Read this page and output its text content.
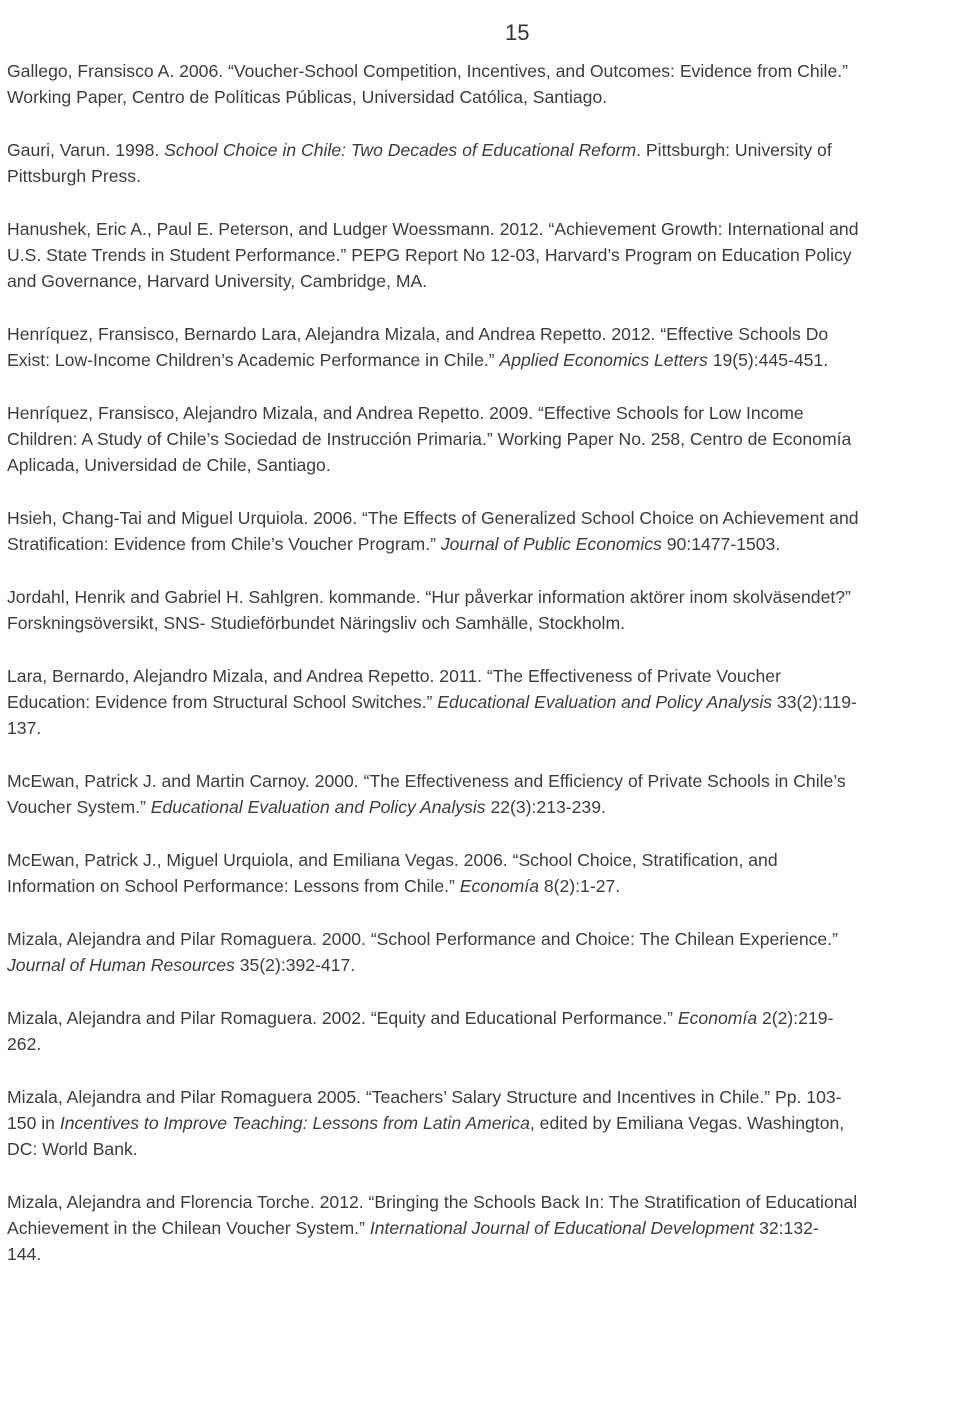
15

Gallego, Fransisco A. 2006. “Voucher-School Competition, Incentives, and Outcomes: Evidence from Chile.”
Working Paper, Centro de Políticas Públicas, Universidad Católica, Santiago.

Gauri, Varun. 1998. School Choice in Chile: Two Decades of Educational Reform. Pittsburgh: University of
Pittsburgh Press.

Hanushek, Eric A., Paul E. Peterson, and Ludger Woessmann. 2012. “Achievement Growth: International and
U.S. State Trends in Student Performance.” PEPG Report No 12-03, Harvard’s Program on Education Policy
and Governance, Harvard University, Cambridge, MA.

Henríquez, Fransisco, Bernardo Lara, Alejandra Mizala, and Andrea Repetto. 2012. “Effective Schools Do
Exist: Low-Income Children’s Academic Performance in Chile.” Applied Economics Letters 19(5):445-451.

Henríquez, Fransisco, Alejandro Mizala, and Andrea Repetto. 2009. “Effective Schools for Low Income
Children: A Study of Chile’s Sociedad de Instrucción Primaria.” Working Paper No. 258, Centro de Economía
Aplicada, Universidad de Chile, Santiago.

Hsieh, Chang-Tai and Miguel Urquiola. 2006. “The Effects of Generalized School Choice on Achievement and
Stratification: Evidence from Chile’s Voucher Program.” Journal of Public Economics 90:1477-1503.

Jordahl, Henrik and Gabriel H. Sahlgren. kommande. “Hur påverkar information aktörer inom skolväsendet?”
Forskningsöversikt, SNS- Studieförbundet Näringsliv och Samhälle, Stockholm.

Lara, Bernardo, Alejandro Mizala, and Andrea Repetto. 2011. “The Effectiveness of Private Voucher
Education: Evidence from Structural School Switches.” Educational Evaluation and Policy Analysis 33(2):119-
137.

McEwan, Patrick J. and Martin Carnoy. 2000. “The Effectiveness and Efficiency of Private Schools in Chile’s
Voucher System.” Educational Evaluation and Policy Analysis 22(3):213-239.

McEwan, Patrick J., Miguel Urquiola, and Emiliana Vegas. 2006. “School Choice, Stratification, and
Information on School Performance: Lessons from Chile.” Economía 8(2):1-27.

Mizala, Alejandra and Pilar Romaguera. 2000. “School Performance and Choice: The Chilean Experience.”
Journal of Human Resources 35(2):392-417.

Mizala, Alejandra and Pilar Romaguera. 2002. “Equity and Educational Performance.” Economía 2(2):219-
262.

Mizala, Alejandra and Pilar Romaguera 2005. “Teachers’ Salary Structure and Incentives in Chile.” Pp. 103-
150 in Incentives to Improve Teaching: Lessons from Latin America, edited by Emiliana Vegas. Washington,
DC: World Bank.

Mizala, Alejandra and Florencia Torche. 2012. “Bringing the Schools Back In: The Stratification of Educational
Achievement in the Chilean Voucher System.” International Journal of Educational Development 32:132-
144.
